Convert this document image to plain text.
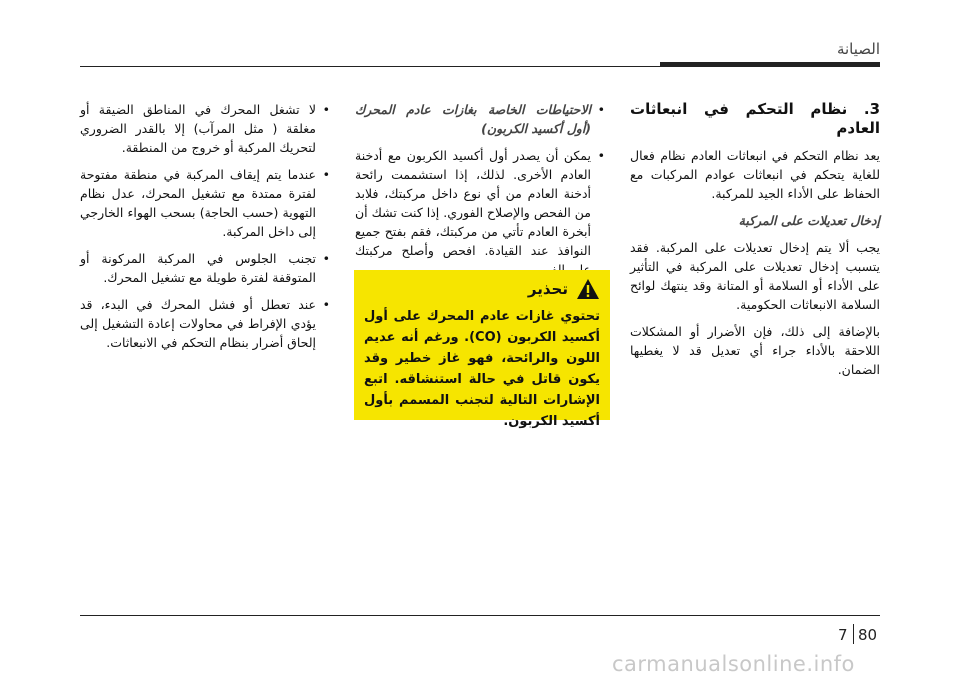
الصيانة
3. نظام التحكم في انبعاثات العادم

يعد نظام التحكم في انبعاثات العادم نظام فعال للغاية يتحكم في انبعاثات عوادم المركبات مع الحفاظ على الأداء الجيد للمركبة.

إدخال تعديلات على المركبة

يجب ألا يتم إدخال تعديلات على المركبة. فقد يتسبب إدخال تعديلات على المركبة في التأثير على الأداء أو السلامة أو المتانة وقد ينتهك لوائح السلامة الانبعاثات الحكومية.

بالإضافة إلى ذلك، فإن الأضرار أو المشكلات اللاحقة بالأداء جراء أي تعديل قد لا يغطيها الضمان.

• الاحتياطات الخاصة بغازات عادم المحرك (أول أكسيد الكربون)
• يمكن أن يصدر أول أكسيد الكربون مع أدخنة العادم الأخرى. لذلك، إذا استشممت رائحة أدخنة العادم من أي نوع داخل مركبتك، فلابد من الفحص والإصلاح الفوري. إذا كنت تشك أن أبخرة العادم تأتي من مركبتك، فقم بفتح جميع النوافذ عند القيادة. افحص وأصلح مركبتك
تحذير
تحتوي غازات عادم المحرك على أول أكسيد الكربون (CO). ورغم أنه عديم اللون والرائحة، فهو غاز خطير وقد يكون قاتل في حالة استنشاقه. اتبع الإشارات التالية لتجنب المسمم بأول أكسيد الكربون.
• لا تشغل المحرك في المناطق الضيقة أو مغلقة ( مثل المرآب) إلا بالقدر الضروري لتحريك المركبة أو خروج من المنطقة.
• عندما يتم إيقاف المركبة في منطقة مفتوحة لفترة ممتدة مع تشغيل المحرك، عدل نظام التهوية (حسب الحاجة) بسحب الهواء الخارجي إلى داخل المركبة.
• تجنب الجلوس في المركبة المركونة أو المتوقفة لفترة طويلة مع تشغيل المحرك.
• عند تعطل أو فشل المحرك في البدء، قد يؤدي الإفراط في محاولات إعادة التشغيل إلى إلحاق أضرار بنظام التحكم في الانبعاثات.
7 80
carmanualsonline.info
